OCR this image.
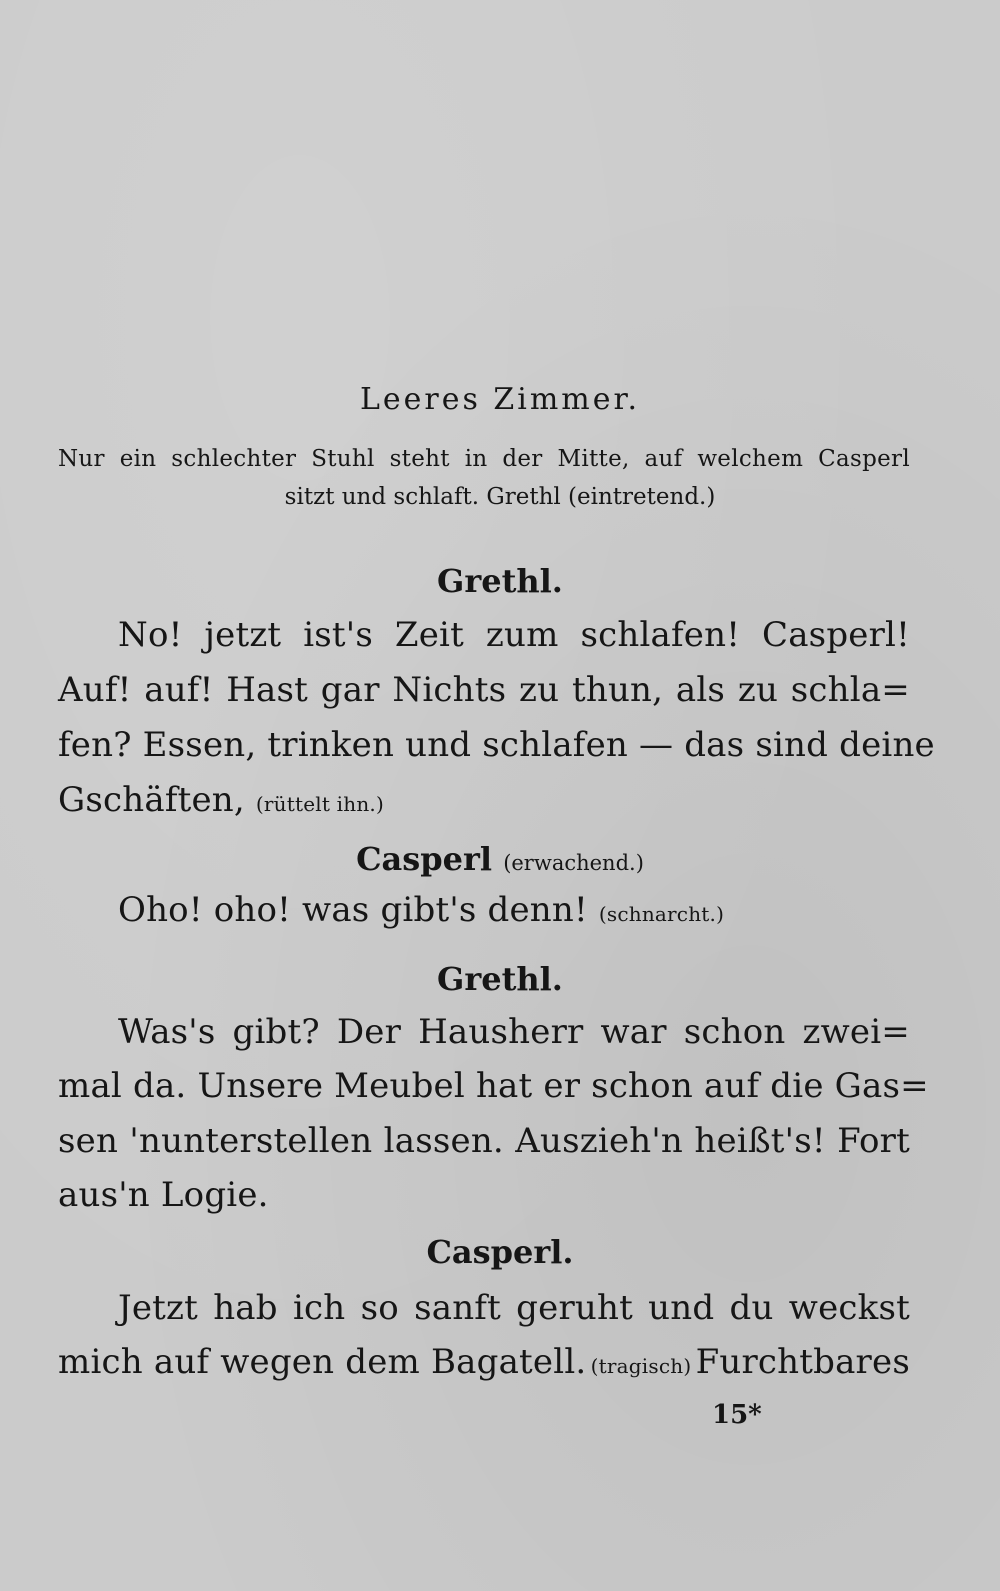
Leeres Zimmer.
Nur ein schlechter Stuhl steht in der Mitte, auf welchem Casperl
sitzt und schlaft. Grethl (eintretend.)
Grethl.
No! jetzt ist's Zeit zum schlafen! Casperl!
Auf! auf! Hast gar Nichts zu thun, als zu schla=
fen? Essen, trinken und schlafen — das sind deine
Gschäften, (rüttelt ihn.)
Casperl (erwachend.)
Oho! oho! was gibt's denn! (schnarcht.)
Grethl.
Was's gibt? Der Hausherr war schon zwei=
mal da. Unsere Meubel hat er schon auf die Gas=
sen 'nunterstellen lassen. Auszieh'n heißt's! Fort
aus'n Logie.
Casperl.
Jetzt hab ich so sanft geruht und du weckst
mich auf wegen dem Bagatell. (tragisch) Furchtbares
15*
